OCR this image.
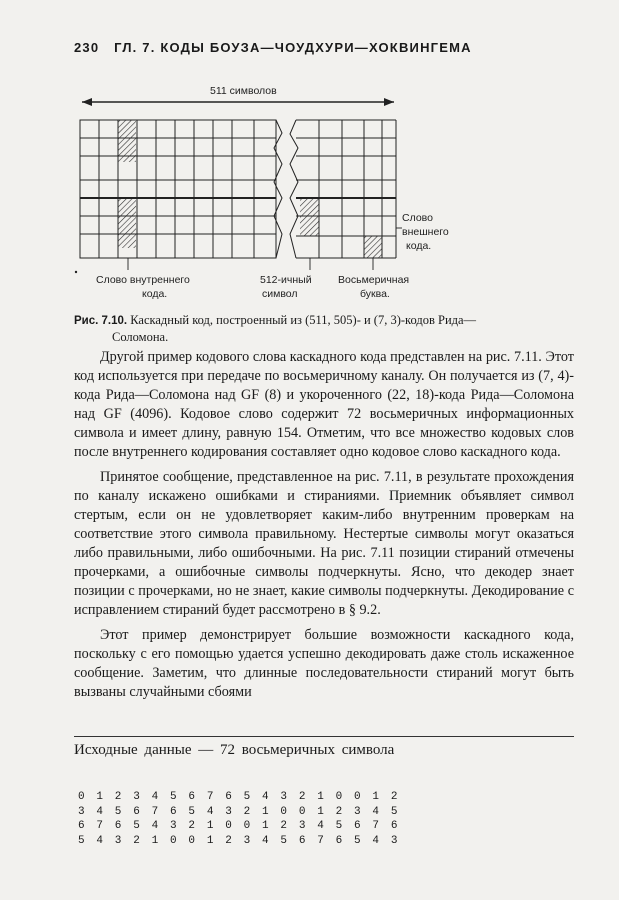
230 ГЛ. 7. КОДЫ БОУЗА—ЧОУДХУРИ—ХОКВИНГЕМА
511 символов
Слово внутреннего кода.
512-ичный символ
Восьмеричная буква.
Слово внешнего кода.
Рис. 7.10. Каскадный код, построенный из (511, 505)- и (7, 3)-кодов Рида—
Соломона.

Другой пример кодового слова каскадного кода представлен на рис. 7.11. Этот код используется при передаче по восьмеричному каналу. Он получается из (7, 4)-кода Рида—Соломона над GF (8) и укороченного (22, 18)-кода Рида—Соломона над GF (4096). Кодовое слово содержит 72 восьмеричных информационных символа и имеет длину, равную 154. Отметим, что все множество кодовых слов после внутреннего кодирования составляет одно кодовое слово каскадного кода.

Принятое сообщение, представленное на рис. 7.11, в результате прохождения по каналу искажено ошибками и стираниями. Приемник объявляет символ стертым, если он не удовлетворяет каким-либо внутренним проверкам на соответствие этого символа правильному. Нестертые символы могут оказаться либо правильными, либо ошибочными. На рис. 7.11 позиции стираний отмечены прочерками, а ошибочные символы подчеркнуты. Ясно, что декодер знает позиции с прочерками, но не знает, какие символы подчеркнуты. Декодирование с исправлением стираний будет рассмотрено в § 9.2.

Этот пример демонстрирует большие возможности каскадного кода, поскольку с его помощью удается успешно декодировать даже столь искаженное сообщение. Заметим, что длинные последовательности стираний могут быть вызваны случайными сбоями

Исходные данные — 72 восьмеричных символа
0 1 2 3 4 5 6 7 6 5 4 3 2 1 0 0 1 2
3 4 5 6 7 6 5 4 3 2 1 0 0 1 2 3 4 5
6 7 6 5 4 3 2 1 0 0 1 2 3 4 5 6 7 6
5 4 3 2 1 0 0 1 2 3 4 5 6 7 6 5 4 3
